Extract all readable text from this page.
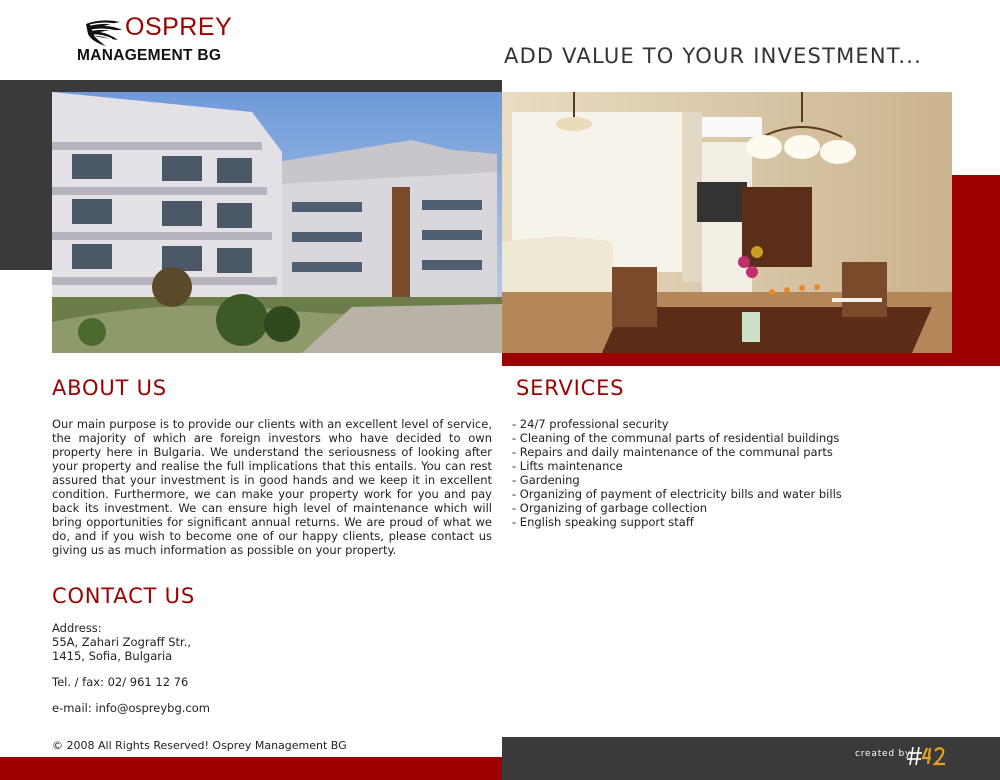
OSPREY
MANAGEMENT BG	ADD VALUE TO YOUR INVESTMENT...
ABOUT US

Our main purpose is to provide our clients with an excellent level of service, the majority of which are foreign investors who have decided to own property here in Bulgaria. We understand the seriousness of looking after your property and realise the full implications that this entails. You can rest assured that your investment is in good hands and we keep it in excellent condition. Furthermore, we can make your property work for you and pay back its investment. We can ensure high level of maintenance which will bring opportunities for significant annual returns. We are proud of what we do, and if you wish to become one of our happy clients, please contact us giving us as much information as possible on your property.

SERVICES
- 24/7 professional security
- Cleaning of the communal parts of residential buildings
- Repairs and daily maintenance of the communal parts
- Lifts maintenance
- Gardening
- Organizing of payment of electricity bills and water bills
- Organizing of garbage collection
- English speaking support staff
CONTACT US

Address:

55A, Zahari Zograff Str.,

1415, Sofia, Bulgaria

Tel. / fax: 02/ 961 12 76

e-mail: info@ospreybg.com

© 2008 All Rights Reserved! Osprey Management BG
created by
